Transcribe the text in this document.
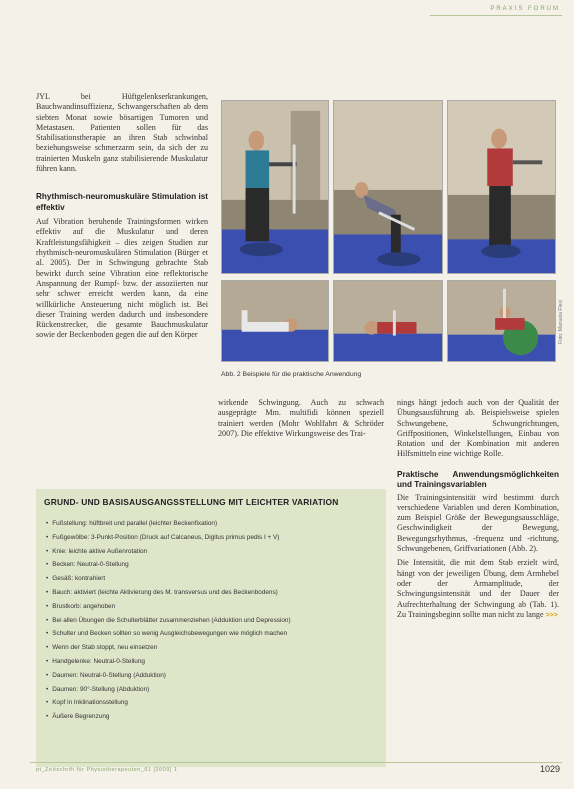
PRAXIS FORUM

JYL bei Hüftgelenkserkrankungen, Bauchwandinsuffizienz, Schwangerschaften ab dem siebten Monat sowie bösartigen Tumoren und Metastasen. Patienten sollen für das Stabilisationstherapie an ihren Stab schwinbal beziehungsweise schmerzarm sein, da sich der zu trainierten Muskeln ganz stabilisierende Muskulatur führen kann.

Rhythmisch-neuromuskuläre Stimulation ist effektiv

Auf Vibration beruhende Trainingsformen wirken effektiv auf die Muskulatur und deren Kraftleistungsfähigkeit – dies zeigen Studien zur rhythmisch-neuromuskulären Stimulation (Bürger et al. 2005). Der in Schwingung gebrachte Stab bewirkt durch seine Vibration eine reflektorische Anspannung der Rumpf- bzw. der assoziierten nur sehr schwer erreicht werden kann, da eine willkürliche Ansteuerung nicht möglich ist. Bei dieser Training werden dadurch und insbesondere Rückenstrecker, die gesamte Bauchmuskulatur sowie der Beckenboden gegen die auf den Körper	Foto: Manuela Flexi
Abb. 2 Beispiele für die praktische Anwendung
wirkende Schwingung. Auch zu schwach ausgeprägte Mm. multifidi können speziell trainiert werden (Mohr Wohlfahrt & Schröder 2007). Die effektive Wirkungsweise des Trai-

nings hängt jedoch auch von der Qualität der Übungsausführung ab. Beispielsweise spielen Schwungebene, Schwungrichtungen, Griffpositionen, Winkelstellungen, Einbau von Rotation und der Kombination mit anderen Hilfsmitteln eine wichtige Rolle.

Praktische Anwendungsmöglichkeiten und Trainingsvariablen

Die Trainingsintensität wird bestimmt durch verschiedene Variablen und deren Kombination, zum Beispiel Größe der Bewegungsausschläge, Geschwindigkeit der Bewegung, Bewegungsrhythmus, -frequenz und -richtung, Schwungebenen, Griffvariationen (Abb. 2).

Die Intensität, die mit dem Stab erzielt wird, hängt von der jeweiligen Übung, dem Armhebel oder der Armamplitude, der Schwingungsintensität und der Dauer der Aufrechterhaltung der Schwingung ab (Tab. 1). Zu Trainingsbeginn sollte man nicht zu lange >>>

GRUND- UND BASISAUSGANGSSTELLUNG MIT LEICHTER VARIATION
• Fußstellung: hüftbreit und parallel (leichter Beckenfixation)
• Fußgewölbe: 3-Punkt-Position (Druck auf Calcaneus, Digitus primus pedis I + V)
• Knie: leichte aktive Außenrotation
• Becken: Neutral-0-Stellung
• Gesäß: kontrahiert
• Bauch: aktiviert (leichte Aktivierung des M. transversus und des Beckenbodens)
• Brustkorb: angehoben
• Bei allen Übungen die Schulterblätter zusammenziehen (Adduktion und Depression)
• Schulter und Becken sollten so wenig Ausgleichsbewegungen wie möglich machen
• Wenn der Stab stoppt, neu einsetzen
• Handgelenke: Neutral-0-Stellung
• Daumen: Neutral-0-Stellung (Adduktion)
• Daumen: 90°-Stellung (Abduktion)
• Kopf in Inklinationsstellung
• Äußere Begrenzung
pt_Zeitschrift für Physiotherapeuten_61 [2009] 1	1029
